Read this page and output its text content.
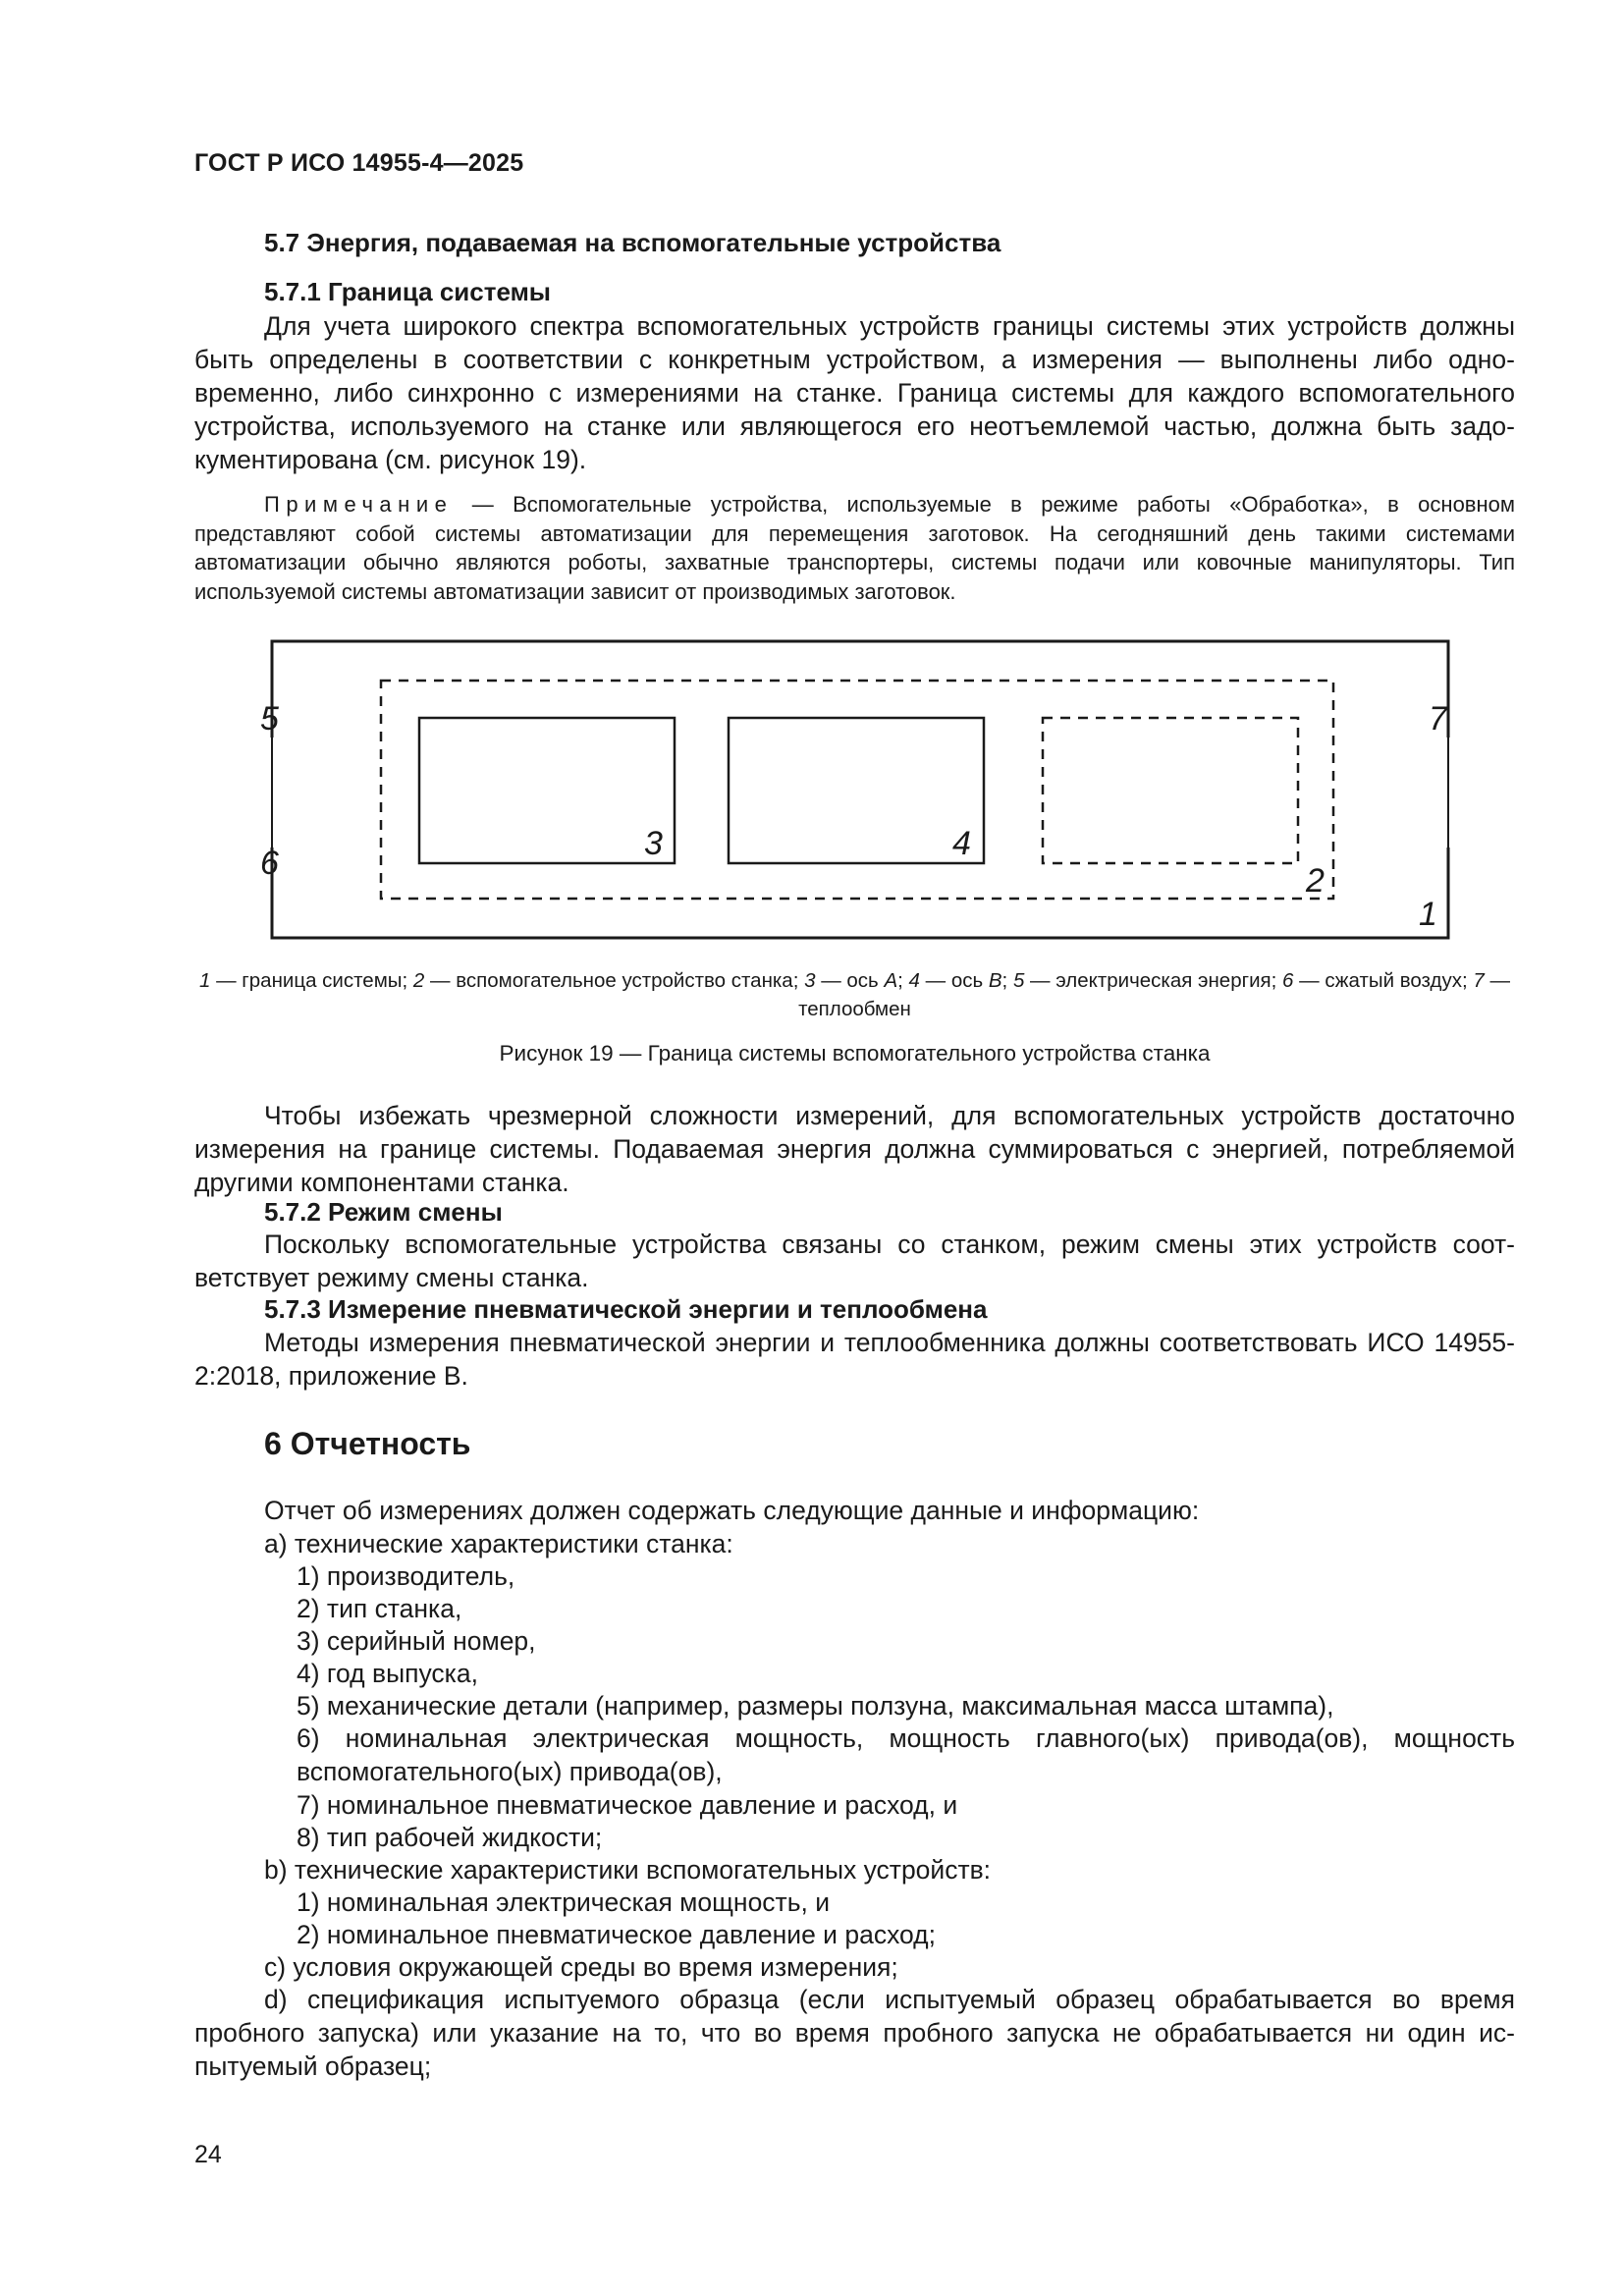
ГОСТ Р ИСО 14955-4—2025
5.7 Энергия, подаваемая на вспомогательные устройства
5.7.1 Граница системы
Для учета широкого спектра вспомогательных устройств границы системы этих устройств должны быть определены в соответствии с конкретным устройством, а измерения — выполнены либо одно-временно, либо синхронно с измерениями на станке. Граница системы для каждого вспомогательного устройства, используемого на станке или являющегося его неотъемлемой частью, должна быть задо-кументирована (см. рисунок 19).
Примечание — Вспомогательные устройства, используемые в режиме работы «Обработка», в основном представляют собой системы автоматизации для перемещения заготовок. На сегодняшний день такими системами автоматизации обычно являются роботы, захватные транспортеры, системы подачи или ковочные манипуляторы. Тип используемой системы автоматизации зависит от производимых заготовок.
5
6
7
3	4
2
1
1 — граница системы; 2 — вспомогательное устройство станка; 3 — ось A; 4 — ось B; 5 — электрическая энергия; 6 — сжатый воздух; 7 — теплообмен
Рисунок 19 — Граница системы вспомогательного устройства станка
Чтобы избежать чрезмерной сложности измерений, для вспомогательных устройств достаточно измерения на границе системы. Подаваемая энергия должна суммироваться с энергией, потребляемой другими компонентами станка.
5.7.2 Режим смены
Поскольку вспомогательные устройства связаны со станком, режим смены этих устройств соот-ветствует режиму смены станка.
5.7.3 Измерение пневматической энергии и теплообмена
Методы измерения пневматической энергии и теплообменника должны соответствовать ИСО 14955-2:2018, приложение В.
6 Отчетность
Отчет об измерениях должен содержать следующие данные и информацию:
а) технические характеристики станка:
1) производитель,
2) тип станка,
3) серийный номер,
4) год выпуска,
5) механические детали (например, размеры ползуна, максимальная масса штампа),
6) номинальная электрическая мощность, мощность главного(ых) привода(ов), мощность вспомогательного(ых) привода(ов),
7) номинальное пневматическое давление и расход, и
8) тип рабочей жидкости;
b) технические характеристики вспомогательных устройств:
1) номинальная электрическая мощность, и
2) номинальное пневматическое давление и расход;
c) условия окружающей среды во время измерения;
d) спецификация испытуемого образца (если испытуемый образец обрабатывается во время пробного запуска) или указание на то, что во время пробного запуска не обрабатывается ни один ис-пытуемый образец;
24
